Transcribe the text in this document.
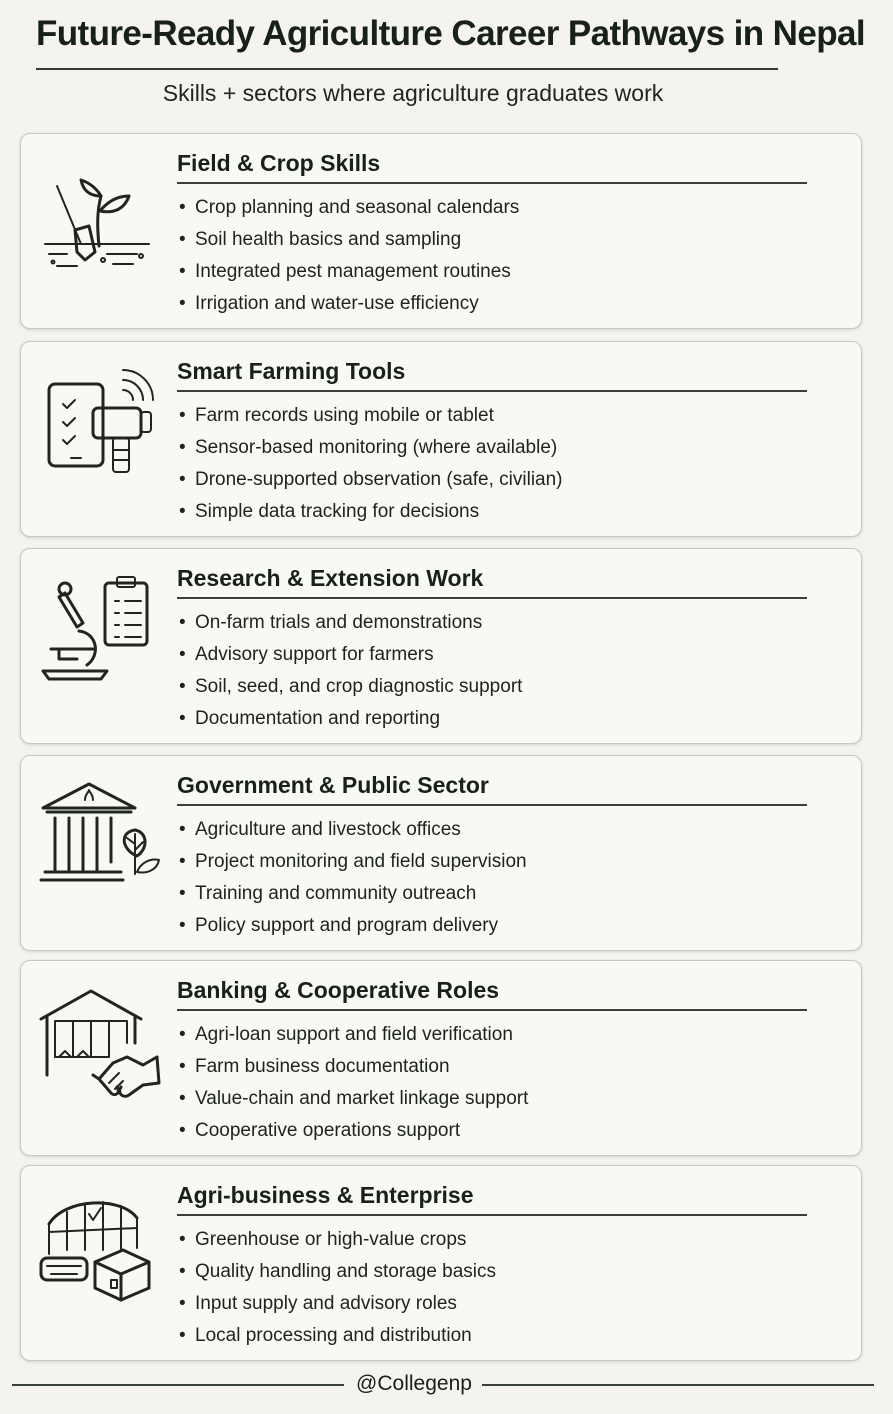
Future-Ready Agriculture Career Pathways in Nepal
Skills + sectors where agriculture graduates work
Field & Crop Skills
• Crop planning and seasonal calendars
• Soil health basics and sampling
• Integrated pest management routines
• Irrigation and water-use efficiency
Smart Farming Tools
• Farm records using mobile or tablet
• Sensor-based monitoring (where available)
• Drone-supported observation (safe, civilian)
• Simple data tracking for decisions
Research & Extension Work
• On-farm trials and demonstrations
• Advisory support for farmers
• Soil, seed, and crop diagnostic support
• Documentation and reporting
Government & Public Sector
• Agriculture and livestock offices
• Project monitoring and field supervision
• Training and community outreach
• Policy support and program delivery
Banking & Cooperative Roles
• Agri-loan support and field verification
• Farm business documentation
• Value-chain and market linkage support
• Cooperative operations support
Agri-business & Enterprise
• Greenhouse or high-value crops
• Quality handling and storage basics
• Input supply and advisory roles
• Local processing and distribution
@Collegenp
